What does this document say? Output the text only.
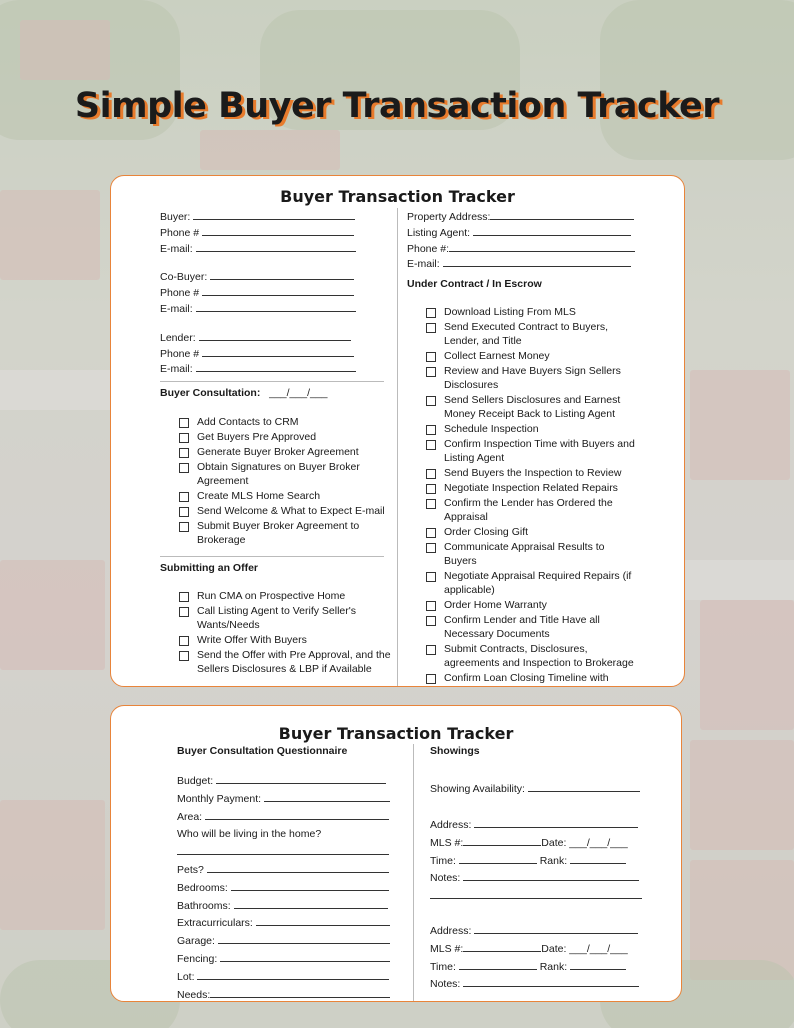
Simple Buyer Transaction Tracker
Buyer Transaction Tracker
Buyer:
Phone #
E-mail:
Co-Buyer:
Phone #
E-mail:
Lender:
Phone #
E-mail:
Buyer Consultation: ___/___/___
Add Contacts to CRM
Get Buyers Pre Approved
Generate Buyer Broker Agreement
Obtain Signatures on Buyer Broker Agreement
Create MLS Home Search
Send Welcome & What to Expect E-mail
Submit Buyer Broker Agreement to Brokerage
Submitting an Offer
Run CMA on Prospective Home
Call Listing Agent to Verify Seller's Wants/Needs
Write Offer With Buyers
Send the Offer with Pre Approval, and the Sellers Disclosures & LBP if Available
Property Address:
Listing Agent:
Phone #:
E-mail:
Under Contract / In Escrow
Download Listing From MLS
Send Executed Contract to Buyers, Lender, and Title
Collect Earnest Money
Review and Have Buyers Sign Sellers Disclosures
Send Sellers Disclosures and Earnest Money Receipt Back to Listing Agent
Schedule Inspection
Confirm Inspection Time with Buyers and Listing Agent
Send Buyers the Inspection to Review
Negotiate Inspection Related Repairs
Confirm the Lender has Ordered the Appraisal
Order Closing Gift
Communicate Appraisal Results to Buyers
Negotiate Appraisal Required Repairs (if applicable)
Order Home Warranty
Confirm Lender and Title Have all Necessary Documents
Submit Contracts, Disclosures, agreements and Inspection to Brokerage
Confirm Loan Closing Timeline with
Buyer Transaction Tracker
Buyer Consultation Questionnaire
Budget:
Monthly Payment:
Area:
Who will be living in the home?
Pets?
Bedrooms:
Bathrooms:
Extracurriculars:
Garage:
Fencing:
Lot:
Needs:
Showings
Showing Availability:
Address:
MLS #:	Date: ___/___/___
Time:	Rank:
Notes:
Address:
MLS #:	Date: ___/___/___
Time:	Rank:
Notes:
